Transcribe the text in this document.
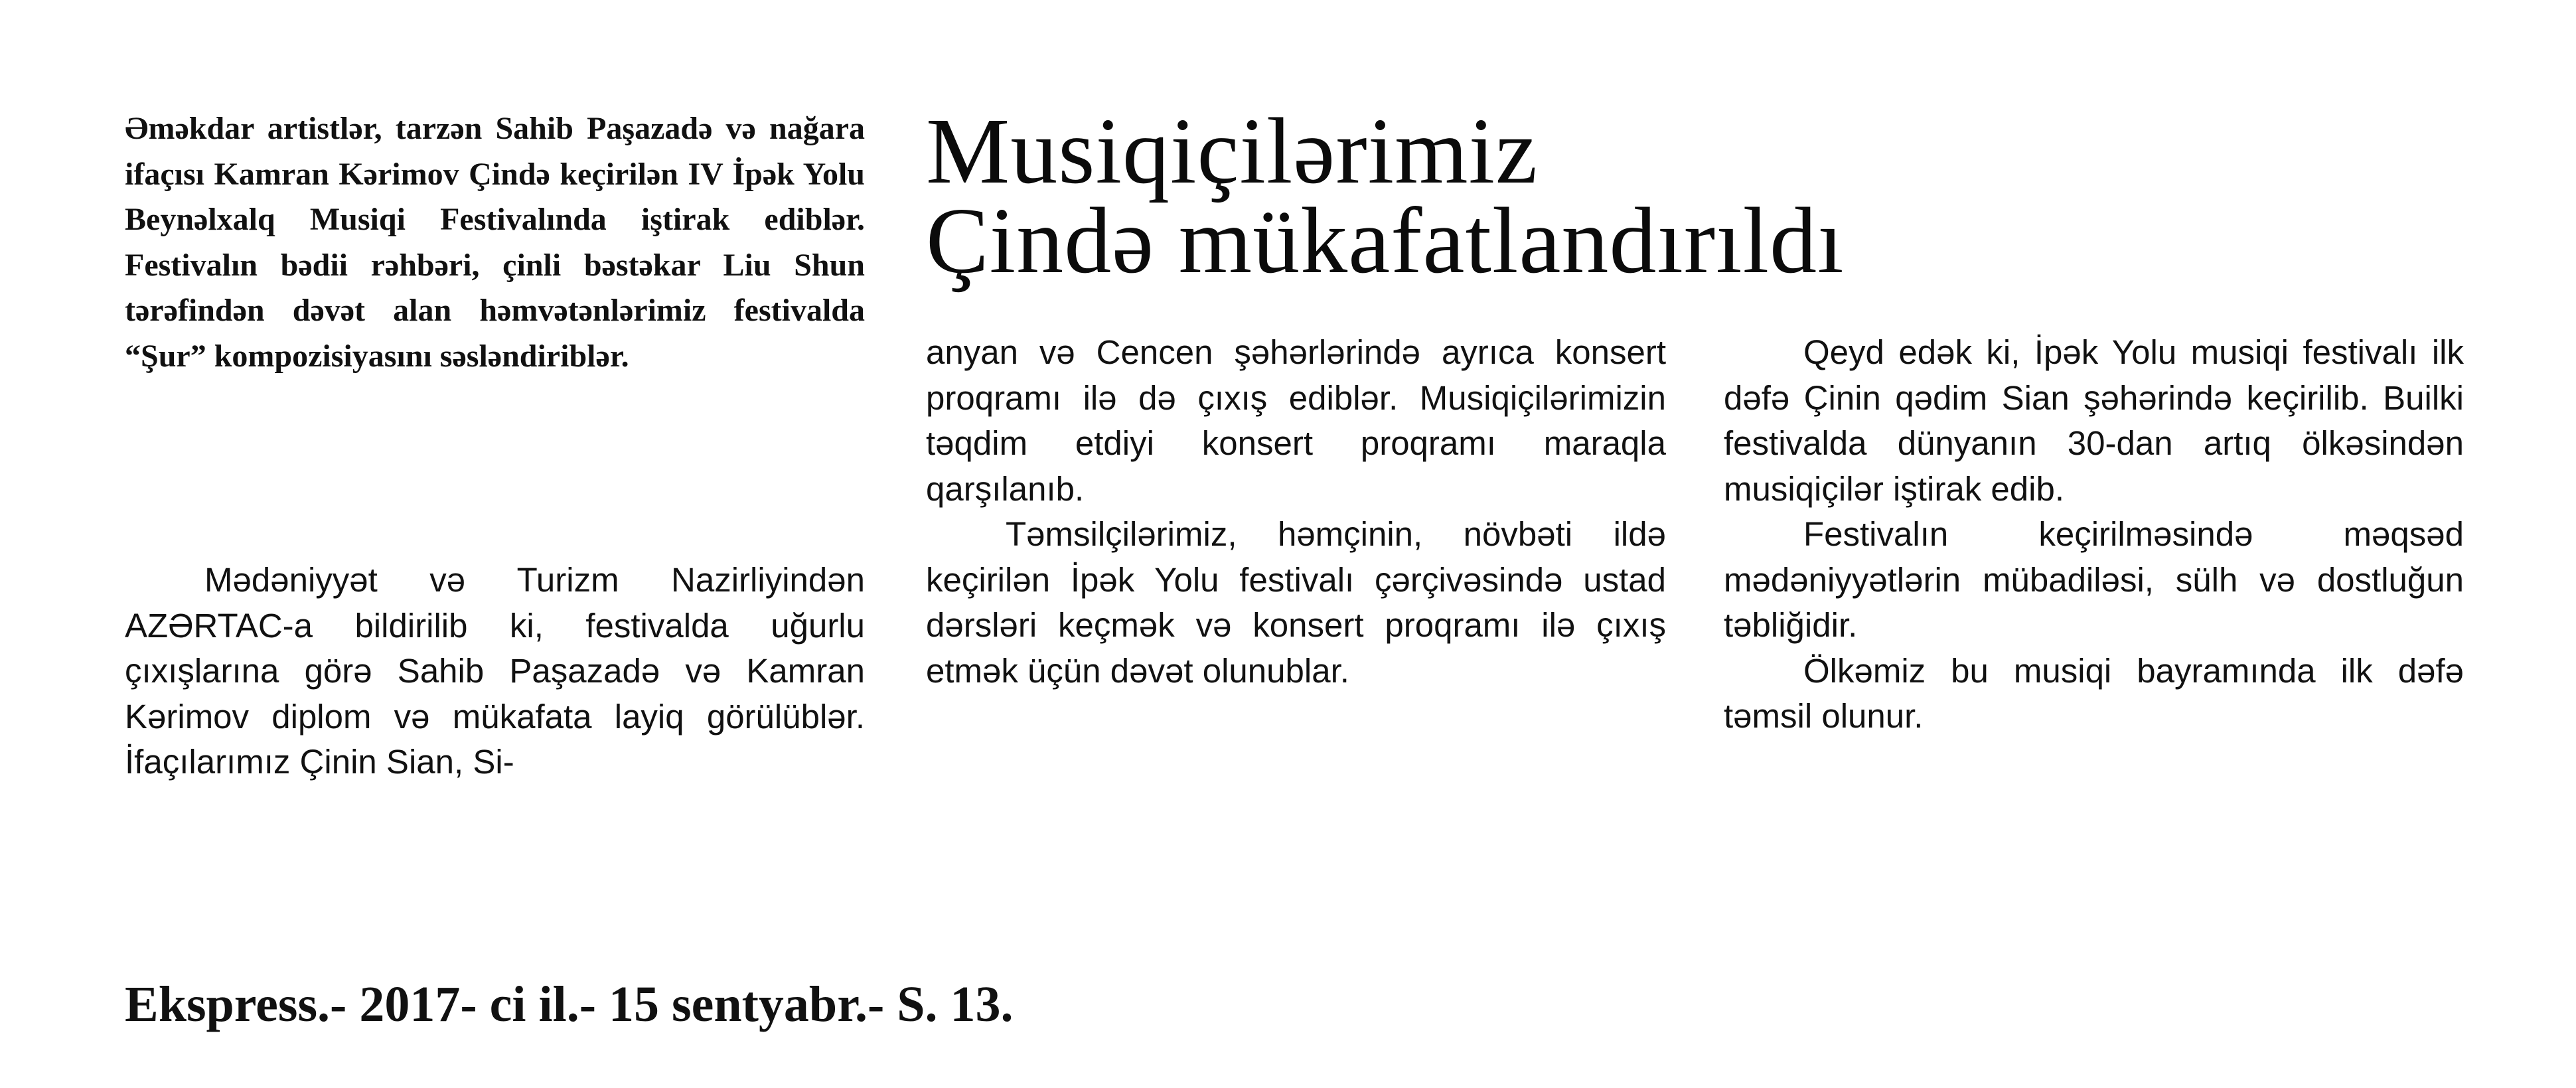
Əməkdar artistlər, tarzən Sahib Paşazadə və nağara ifaçısı Kamran Kərimov Çində keçirilən IV İpək Yolu Beynəlxalq Musiqi Festivalında iştirak ediblər. Festivalın bədii rəhbəri, çinli bəstəkar Liu Shun tərəfindən dəvət alan həmvətənlərimiz festivalda “Şur” kompozisiyasını səsləndiriblər.
Musiqiçilərimiz
Çində mükafatlandırıldı

Mədəniyyət və Turizm Nazirliyindən AZƏRTAC-a bildirilib ki, festivalda uğurlu çıxışlarına görə Sahib Paşazadə və Kamran Kərimov diplom və mükafata layiq görülüblər. İfaçılarımız Çinin Sian, Si-

anyan və Cencen şəhərlərində ayrıca konsert proqramı ilə də çıxış ediblər. Musiqiçilərimizin təqdim etdiyi konsert proqramı maraqla qarşılanıb.

Təmsilçilərimiz, həmçinin, növbəti ildə keçirilən İpək Yolu festivalı çərçivəsində ustad dərsləri keçmək və konsert proqramı ilə çıxış etmək üçün dəvət olunublar.

Qeyd edək ki, İpək Yolu musiqi festivalı ilk dəfə Çinin qədim Sian şəhərində keçirilib. Builki festivalda dünyanın 30-dan artıq ölkəsindən musiqiçilər iştirak edib.

Festivalın keçirilməsində məqsəd mədəniyyətlərin mübadiləsi, sülh və dostluğun təbliğidir.

Ölkəmiz bu musiqi bayramında ilk dəfə təmsil olunur.

Ekspress.- 2017- ci il.- 15 sentyabr.- S. 13.
